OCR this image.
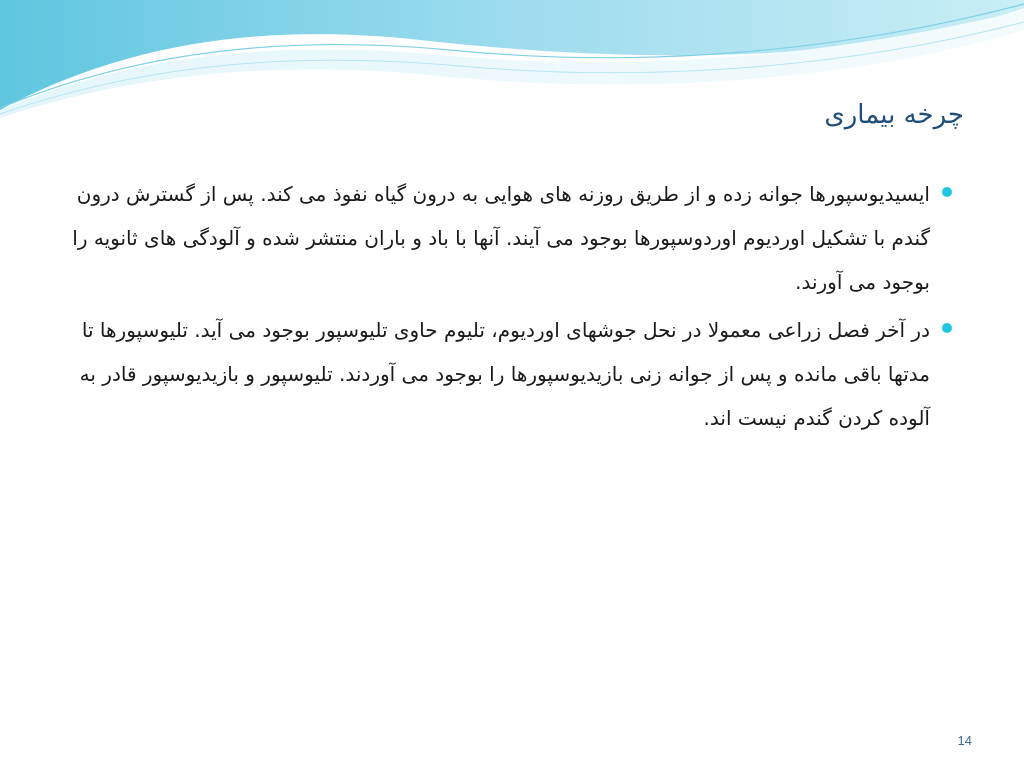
چرخه بیماری
ایسیدیوسپورها جوانه زده و از طریق روزنه های هوایی به درون گیاه نفوذ می کند. پس از گسترش درون گندم با تشکیل اوردیوم اوردوسپورها بوجود می آیند. آنها با باد و باران منتشر شده و آلودگی های ثانویه را بوجود می آورند.
در آخر فصل زراعی معمولا در نحل جوشهای اوردیوم، تلیوم حاوی تلیوسپور بوجود می آید. تلیوسپورها تا مدتها باقی مانده و پس از جوانه زنی بازیدیوسپورها را بوجود می آوردند. تلیوسپور و بازیدیوسپور قادر به آلوده کردن گندم نیست اند.
14
